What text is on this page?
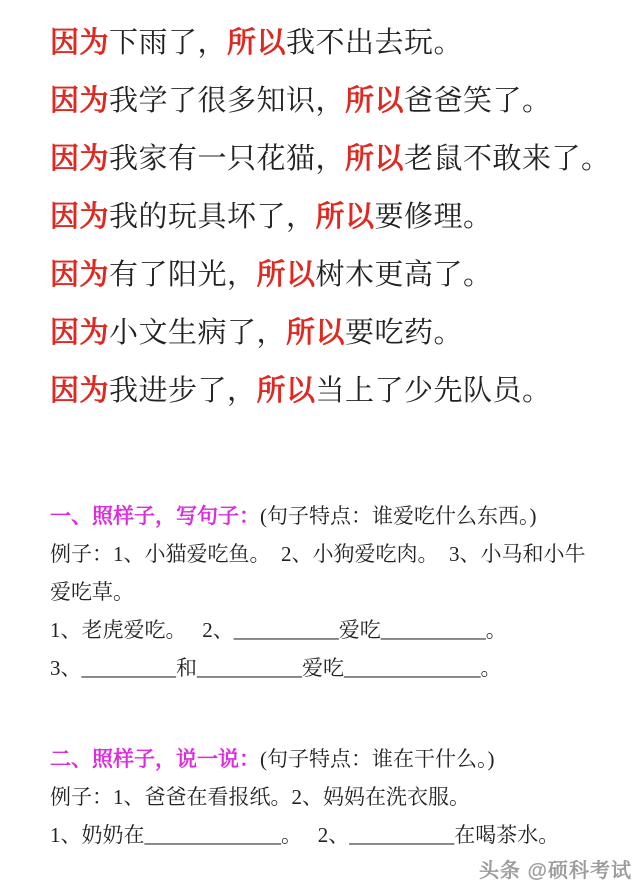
因为下雨了，所以我不出去玩。
因为我学了很多知识，所以爸爸笑了。
因为我家有一只花猫，所以老鼠不敢来了。
因为我的玩具坏了，所以要修理。
因为有了阳光，所以树木更高了。
因为小文生病了，所以要吃药。
因为我进步了，所以当上了少先队员。
一、照样子，写句子：(句子特点：谁爱吃什么东西。)
例子：1、小猫爱吃鱼。　2、小狗爱吃肉。　3、小马和小牛
爱吃草。
1、老虎爱吃。　 2、__________爱吃__________。
3、_________和__________爱吃_____________。
二、照样子，说一说：(句子特点：谁在干什么。)
例子：1、爸爸在看报纸。2、妈妈在洗衣服。
1、奶奶在_____________。　 2、__________在喝茶水。
头条 @硕科考试
